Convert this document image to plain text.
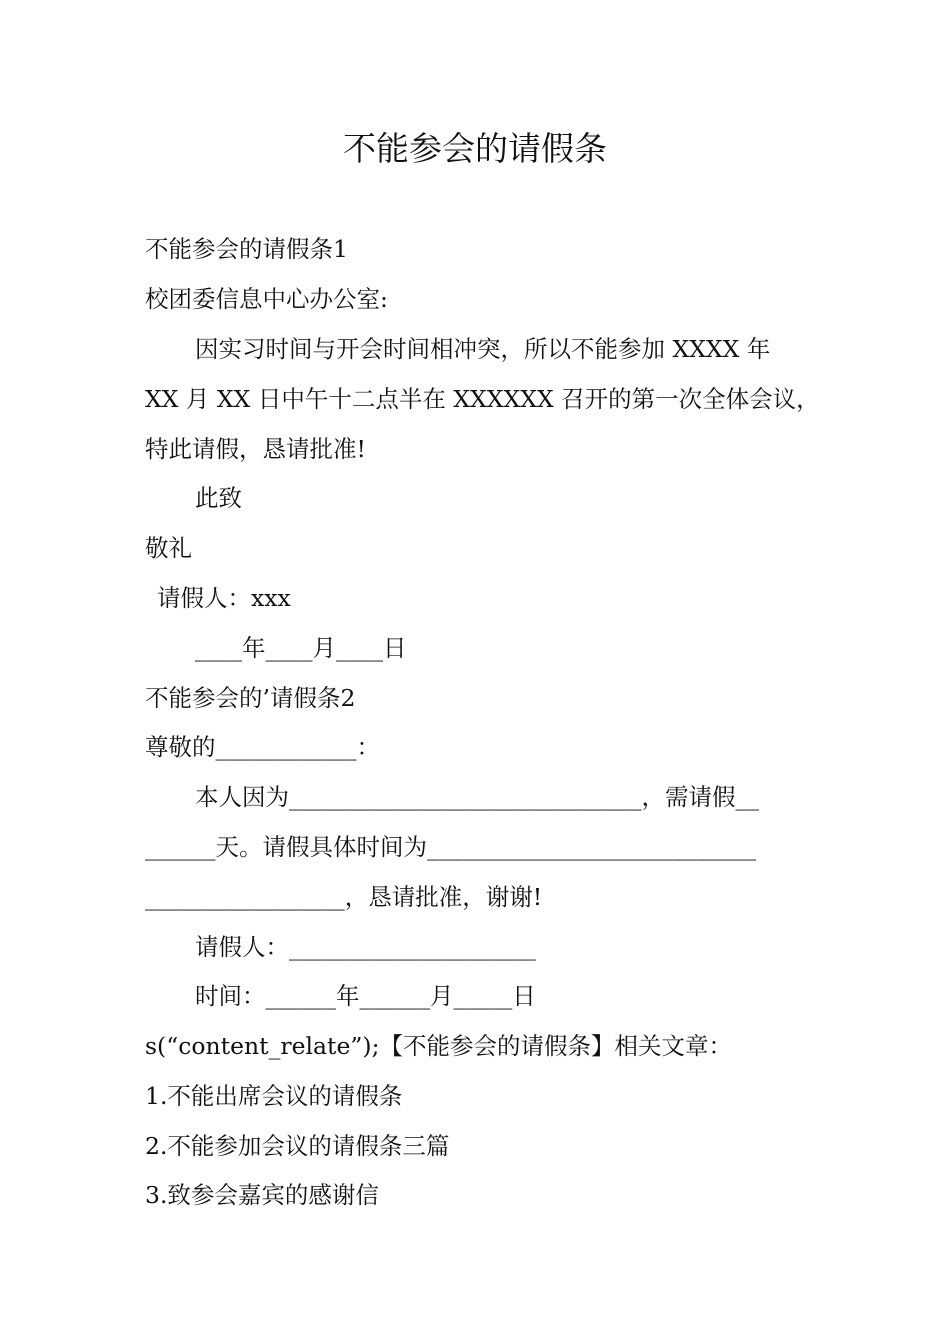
不能参会的请假条
不能参会的请假条1
校团委信息中心办公室:
因实习时间与开会时间相冲突，所以不能参加 XXXX 年
XX 月 XX 日中午十二点半在 XXXXXX 召开的第一次全体会议，
特此请假，恳请批准!
此致
敬礼
请假人：xxx
____年____月____日
不能参会的’请假条2
尊敬的____________：
本人因为______________________________，需请假__
______天。请假具体时间为____________________________
_________________，恳请批准，谢谢!
请假人：_____________________
时间：______年______月_____日
s(“content_relate”);【不能参会的请假条】相关文章：
1.不能出席会议的请假条
2.不能参加会议的请假条三篇
3.致参会嘉宾的感谢信
